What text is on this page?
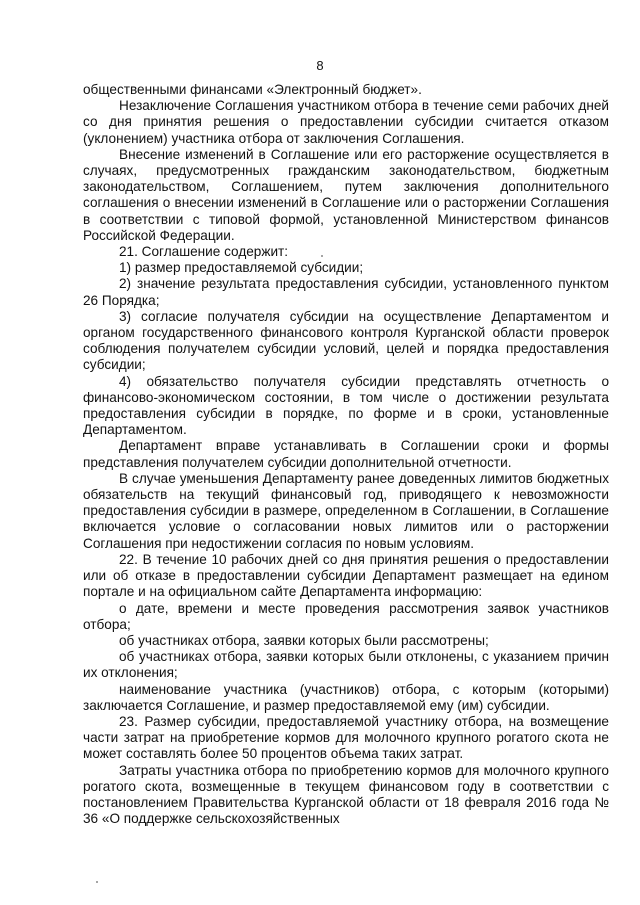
8

общественными финансами «Электронный бюджет».

Незаключение Соглашения участником отбора в течение семи рабочих дней со дня принятия решения о предоставлении субсидии считается отказом (уклонением) участника отбора от заключения Соглашения.

Внесение изменений в Соглашение или его расторжение осуществляется в случаях, предусмотренных гражданским законодательством, бюджетным законодательством, Соглашением, путем заключения дополнительного соглашения о внесении изменений в Соглашение или о расторжении Соглашения в соответствии с типовой формой, установленной Министерством финансов Российской Федерации.

21. Соглашение содержит:

1) размер предоставляемой субсидии;

2) значение результата предоставления субсидии, установленного пунктом 26 Порядка;

3) согласие получателя субсидии на осуществление Департаментом и органом государственного финансового контроля Курганской области проверок соблюдения получателем субсидии условий, целей и порядка предоставления субсидии;

4) обязательство получателя субсидии представлять отчетность о финансово-экономическом состоянии, в том числе о достижении результата предоставления субсидии в порядке, по форме и в сроки, установленные Департаментом.

Департамент вправе устанавливать в Соглашении сроки и формы представления получателем субсидии дополнительной отчетности.

В случае уменьшения Департаменту ранее доведенных лимитов бюджетных обязательств на текущий финансовый год, приводящего к невозможности предоставления субсидии в размере, определенном в Соглашении, в Соглашение включается условие о согласовании новых лимитов или о расторжении Соглашения при недостижении согласия по новым условиям.

22. В течение 10 рабочих дней со дня принятия решения о предоставлении или об отказе в предоставлении субсидии Департамент размещает на едином портале и на официальном сайте Департамента информацию:

о дате, времени и месте проведения рассмотрения заявок участников отбора;

об участниках отбора, заявки которых были рассмотрены;

об участниках отбора, заявки которых были отклонены, с указанием причин их отклонения;

наименование участника (участников) отбора, с которым (которыми) заключается Соглашение, и размер предоставляемой ему (им) субсидии.

23. Размер субсидии, предоставляемой участнику отбора, на возмещение части затрат на приобретение кормов для молочного крупного рогатого скота не может составлять более 50 процентов объема таких затрат.

Затраты участника отбора по приобретению кормов для молочного крупного рогатого скота, возмещенные в текущем финансовом году в соответствии с постановлением Правительства Курганской области от 18 февраля 2016 года № 36 «О поддержке сельскохозяйственных
